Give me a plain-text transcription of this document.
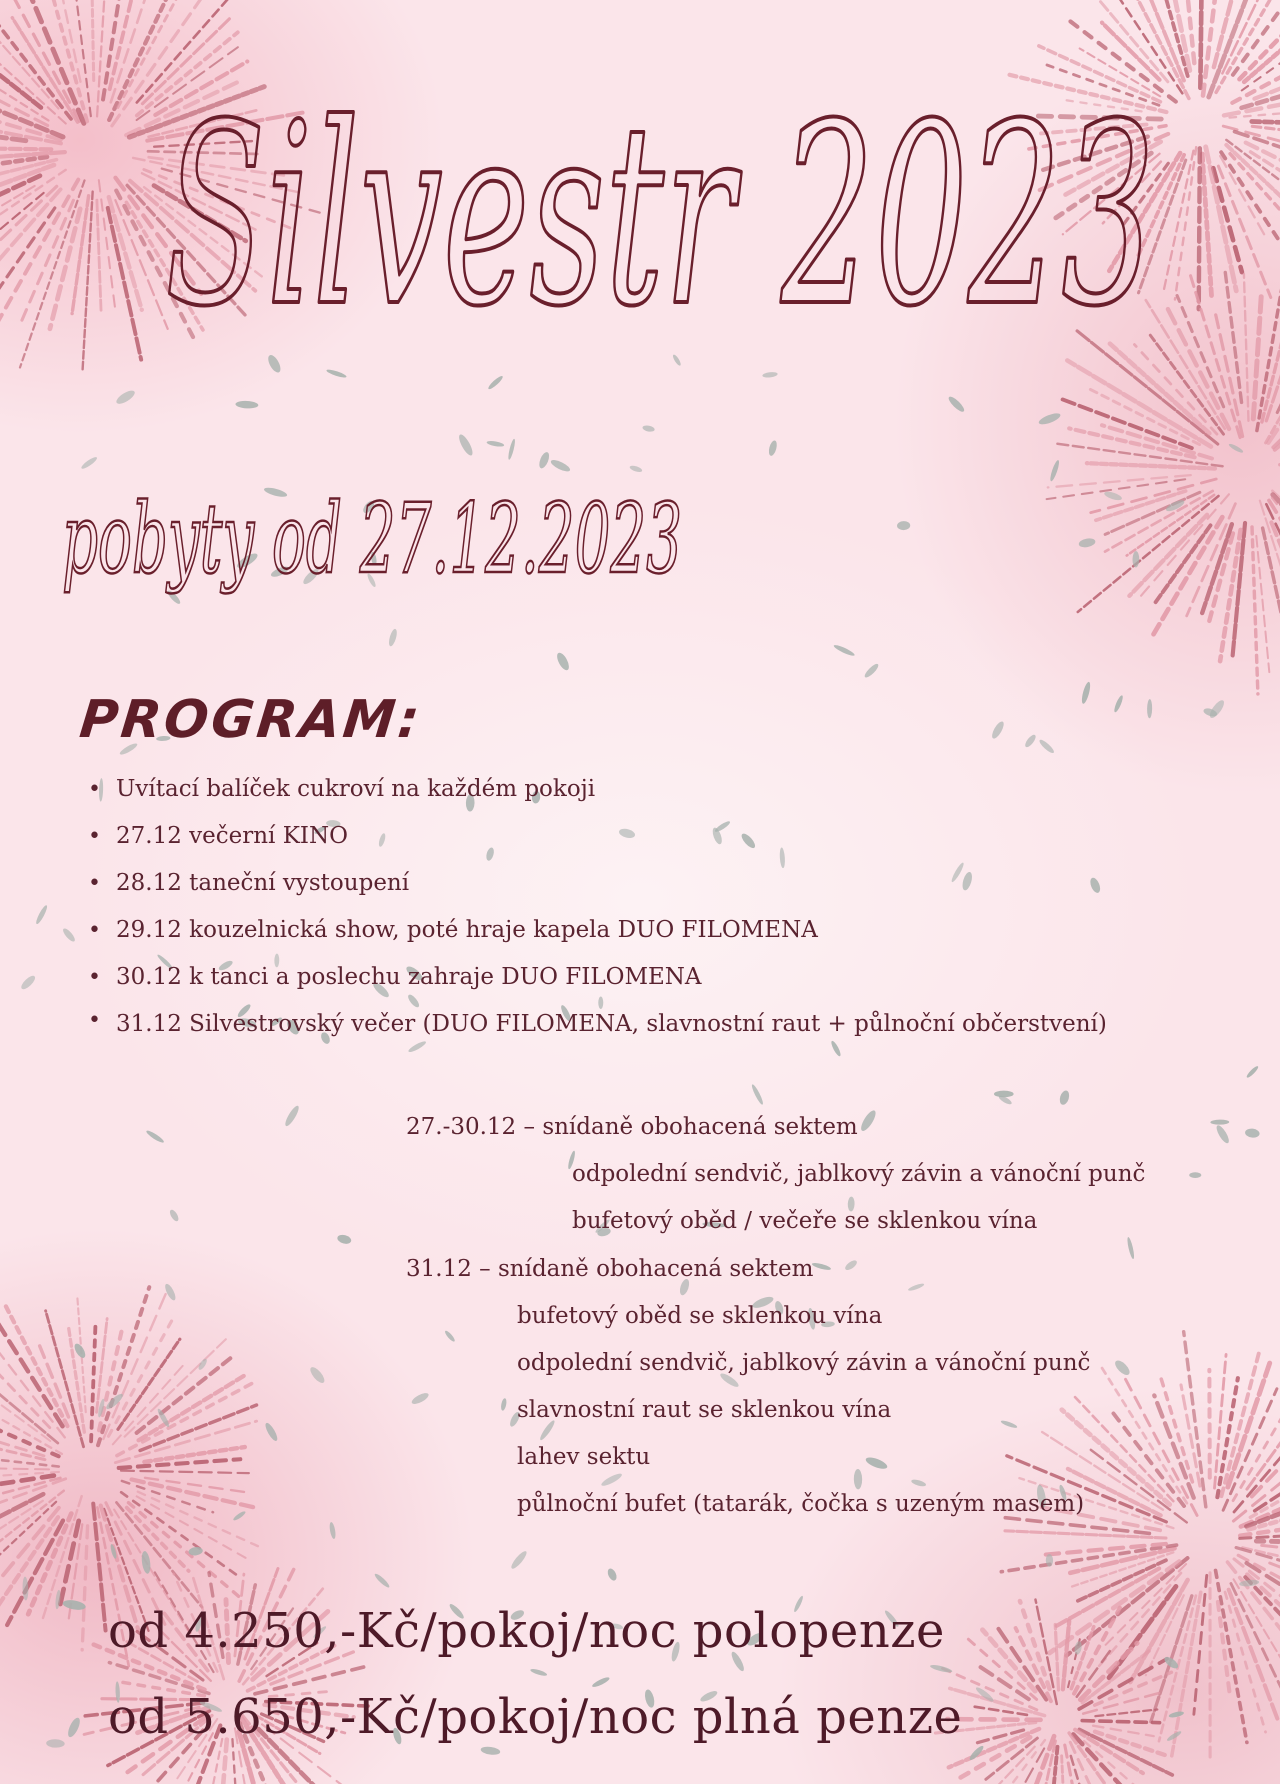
Silvestr 2023
pobyty od 27.12.2023
PROGRAM:
• Uvítací balíček cukroví na každém pokoji
• 27.12 večerní KINO
• 28.12 taneční vystoupení
• 29.12 kouzelnická show, poté hraje kapela DUO FILOMENA
• 30.12 k tanci a poslechu zahraje DUO FILOMENA
• 31.12 Silvestrovský večer (DUO FILOMENA, slavnostní raut + půlnoční občerstvení)
27.-30.12 – snídaně obohacená sektem
odpolední sendvič, jablkový závin a vánoční punč
bufetový oběd / večeře se sklenkou vína
31.12 – snídaně obohacená sektem
bufetový oběd se sklenkou vína
odpolední sendvič, jablkový závin a vánoční punč
slavnostní raut se sklenkou vína
lahev sektu
půlnoční bufet (tatarák, čočka s uzeným masem)
od 4.250,-Kč/pokoj/noc polopenze
od 5.650,-Kč/pokoj/noc plná penze
